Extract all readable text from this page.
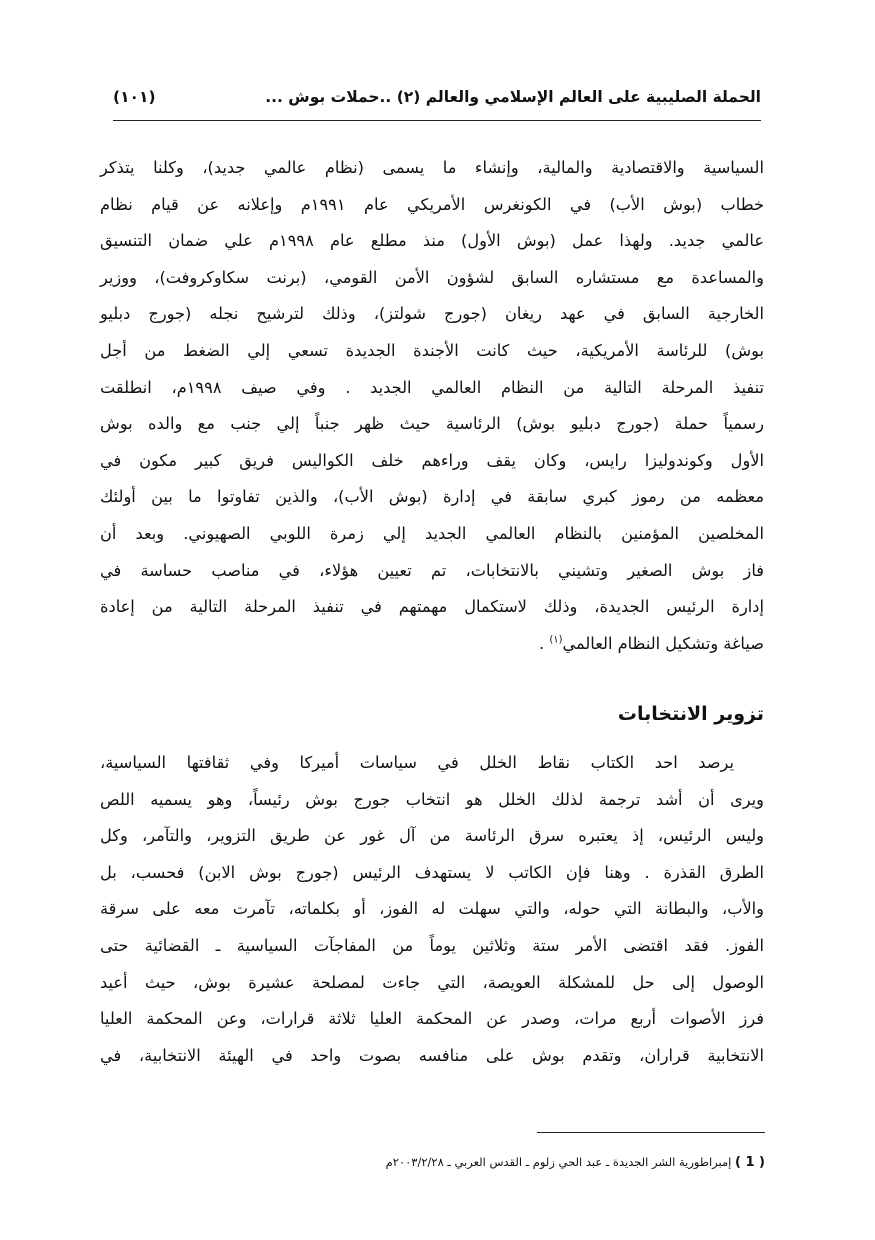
الحملة الصليبية على العالم الإسلامي والعالم (٢) ..حملات بوش ...
(١٠١)
السياسية والاقتصادية والمالية، وإنشاء ما يسمى (نظام عالمي جديد)، وكلنا يتذكر
خطاب (بوش الأب) في الكونغرس الأمريكي عام ١٩٩١م وإعلانه عن قيام نظام
عالمي جديد. ولهذا عمل (بوش الأول) منذ مطلع عام ١٩٩٨م علي ضمان التنسيق
والمساعدة مع مستشاره السابق لشؤون الأمن القومي، (برنت سكاوكروفت)، ووزير
الخارجية السابق في عهد ريغان (جورج شولتز)، وذلك لترشيح نجله (جورج دبليو
بوش) للرئاسة الأمريكية، حيث كانت الأجندة الجديدة تسعي إلي الضغط من أجل
تنفيذ المرحلة التالية من النظام العالمي الجديد . وفي صيف ١٩٩٨م، انطلقت
رسمياً حملة (جورج دبليو بوش) الرئاسية حيث ظهر جنباً إلي جنب مع والده بوش
الأول وكوندوليزا رايس، وكان يقف وراءهم خلف الكواليس فريق كبير مكون في
معظمه من رموز كبري سابقة في إدارة (بوش الأب)، والذين تفاوتوا ما بين أولئك
المخلصين المؤمنين بالنظام العالمي الجديد إلي زمرة اللوبي الصهيوني. وبعد أن
فاز بوش الصغير وتشيني بالانتخابات، تم تعيين هؤلاء، في مناصب حساسة في
إدارة الرئيس الجديدة، وذلك لاستكمال مهمتهم في تنفيذ المرحلة التالية من إعادة
صياغة وتشكيل النظام العالمي$^{(١)}$ .
تزوير الانتخابات
يرصد احد الكتاب نقاط الخلل في سياسات أميركا وفي ثقافتها السياسية،
ويرى أن أشد ترجمة لذلك الخلل هو انتخاب جورج بوش رئيساً، وهو يسميه اللص
وليس الرئيس، إذ يعتبره سرق الرئاسة من آل غور عن طريق التزوير، والتآمر، وكل
الطرق القذرة . وهنا فإن الكاتب لا يستهدف الرئيس (جورج بوش الابن) فحسب، بل
والأب، والبطانة التي حوله، والتي سهلت له الفوز، أو بكلماته، تآمرت معه على سرقة
الفوز. فقد اقتضى الأمر ستة وثلاثين يوماً من المفاجآت السياسية ـ القضائية حتى
الوصول إلى حل للمشكلة العويصة، التي جاءت لمصلحة عشيرة بوش، حيث أعيد
فرز الأصوات أربع مرات، وصدر عن المحكمة العليا ثلاثة قرارات، وعن المحكمة العليا
الانتخابية قراران، وتقدم بوش على منافسه بصوت واحد في الهيئة الانتخابية، في
( 1 ) إمبراطورية الشر الجديدة ـ عبد الحي زلوم ـ القدس العربي ـ ٢٠٠٣/٢/٢٨م
